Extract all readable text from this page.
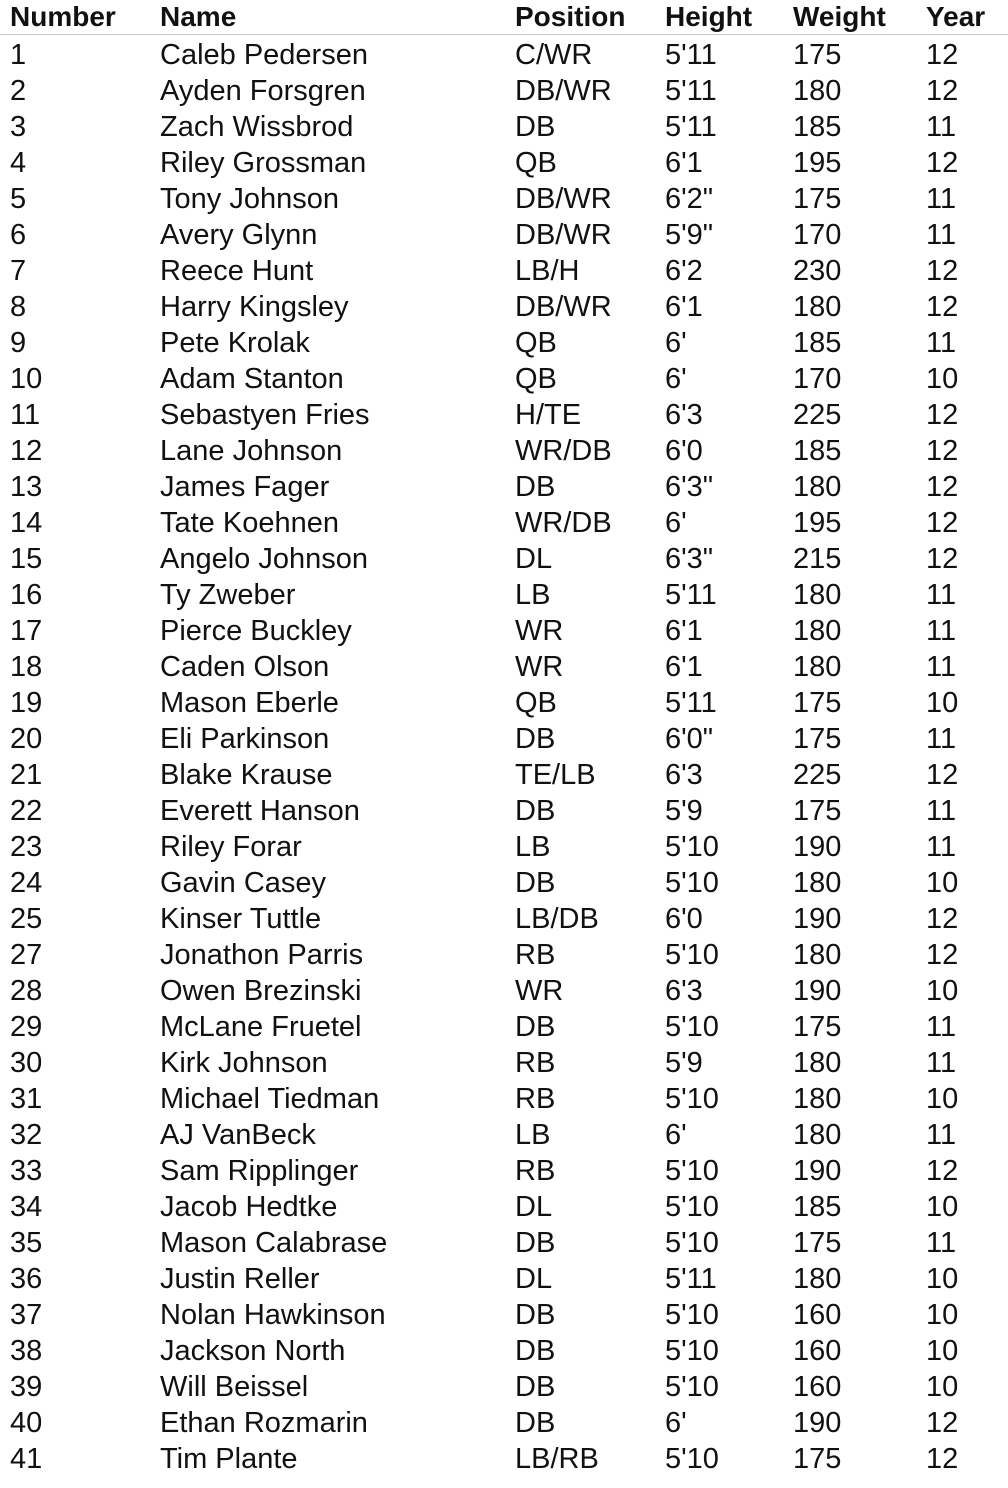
Number Name	Position Height Weight Year
1	Caleb Pedersen	C/WR	5'11	175	12
2	Ayden Forsgren	DB/WR 5'11	180	12
3	Zach Wissbrod	DB	5'11	185	11
4	Riley Grossman	QB	6'1	195	12
5	Tony Johnson	DB/WR 6'2"	175	11
6	Avery Glynn	DB/WR 5'9"	170	11
7	Reece Hunt	LB/H	6'2	230	12
8	Harry Kingsley	DB/WR 6'1	180	12
9	Pete Krolak	QB	6'	185	11
10	Adam Stanton	QB	6'	170	10
11	Sebastyen Fries	H/TE	6'3	225	12
12	Lane Johnson	WR/DB 6'0	185	12
13	James Fager	DB	6'3"	180	12
14	Tate Koehnen	WR/DB 6'	195	12
15	Angelo Johnson	DL	6'3"	215	12
16	Ty Zweber	LB	5'11	180	11
17	Pierce Buckley	WR	6'1	180	11
18	Caden Olson	WR	6'1	180	11
19	Mason Eberle	QB	5'11	175	10
20	Eli Parkinson	DB	6'0"	175	11
21	Blake Krause	TE/LB 6'3	225	12
22	Everett Hanson	DB	5'9	175	11
23	Riley Forar	LB	5'10	190	11
24	Gavin Casey	DB	5'10	180	10
25	Kinser Tuttle	LB/DB 6'0	190	12
27	Jonathon Parris	RB	5'10	180	12
28	Owen Brezinski	WR	6'3	190	10
29	McLane Fruetel	DB	5'10	175	11
30	Kirk Johnson	RB	5'9	180	11
31	Michael Tiedman	RB	5'10	180	10
32	AJ VanBeck	LB	6'	180	11
33	Sam Ripplinger	RB	5'10	190	12
34	Jacob Hedtke	DL	5'10	185	10
35	Mason Calabrase	DB	5'10	175	11
36	Justin Reller	DL	5'11	180	10
37	Nolan Hawkinson	DB	5'10	160	10
38	Jackson North	DB	5'10	160	10
39	Will Beissel	DB	5'10	160	10
40	Ethan Rozmarin	DB	6'	190	12
41	Tim Plante	LB/RB 5'10	175	12
